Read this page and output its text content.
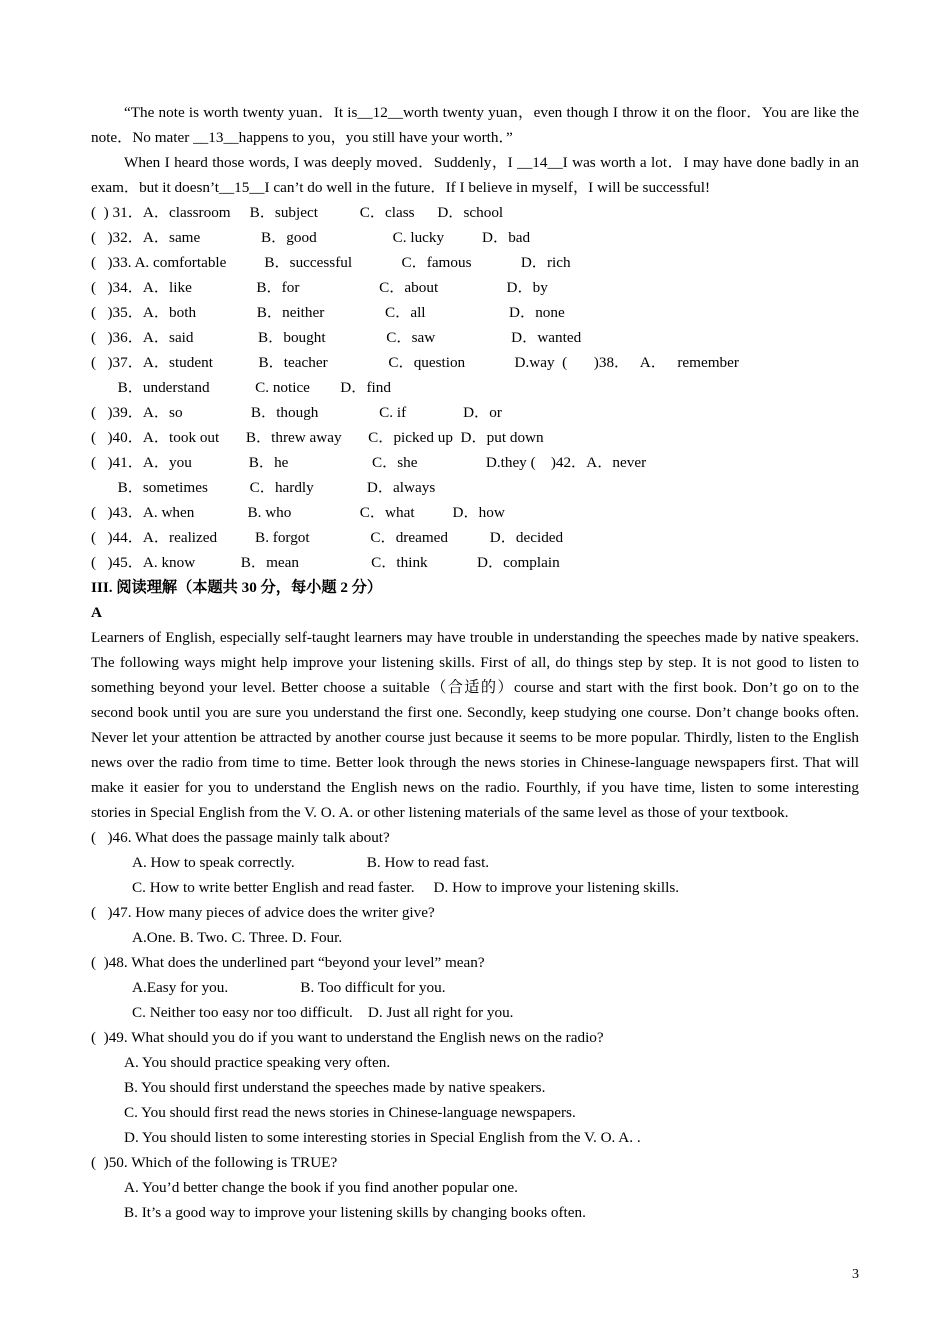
“The note is worth twenty yuan．It is__12__worth twenty yuan，even though I throw it on the floor．You are like the note．No mater __13__happens to you，you still have your worth．”
When I heard those words, I was deeply moved．Suddenly，I __14__I was worth a lot．I may have done badly in an exam．but it doesn’t__15__I can’t do well in the future．If I believe in myself，I will be successful!
(  ) 31．A．classroom     B．subject           C．class      D．school
(   )32．A．same                B．good                    C. lucky          D．bad
(   )33. A. comfortable          B．successful             C．famous             D．rich
(   )34．A．like                 B．for                     C．about                  D．by
(   )35．A．both                B．neither                C．all                      D．none
(   )36．A．said                 B．bought                C．saw                    D．wanted
(   )37．A．student            B．teacher                C．question             D.way  (       )38．   A．   remember
B．understand            C. notice        D．find
(   )39．A．so                  B．though                C. if               D．or
(   )40．A．took out       B．threw away       C．picked up  D．put down
(   )41．A．you               B．he                      C．she                  D.they (    )42．A．never
B．sometimes           C．hardly              D．always
(   )43．A. when              B. who                  C．what          D．how
(   )44．A．realized          B. forgot                C．dreamed           D．decided
(   )45．A. know            B．mean                   C．think             D．complain
III. 阅读理解（本题共 30 分，每小题 2 分）
A
Learners of English, especially self-taught learners may have trouble in understanding the speeches made by native speakers. The following ways might help improve your listening skills. First of all, do things step by step. It is not good to listen to something beyond your level. Better choose a suitable（合适的）course and start with the first book. Don’t go on to the second book until you are sure you understand the first one. Secondly, keep studying one course. Don’t change books often. Never let your attention be attracted by another course just because it seems to be more popular. Thirdly, listen to the English news over the radio from time to time. Better look through the news stories in Chinese-language newspapers first. That will make it easier for you to understand the English news on the radio. Fourthly, if you have time, listen to some interesting stories in Special English from the V. O. A. or other listening materials of the same level as those of your textbook.
(   )46. What does the passage mainly talk about?
A. How to speak correctly.                   B. How to read fast.
C. How to write better English and read faster.     D. How to improve your listening skills.
(   )47. How many pieces of advice does the writer give?
A.One. B. Two. C. Three. D. Four.
(  )48. What does the underlined part “beyond your level” mean?
A.Easy for you.                   B. Too difficult for you.
C. Neither too easy nor too difficult.    D. Just all right for you.
(  )49. What should you do if you want to understand the English news on the radio?
A. You should practice speaking very often.
B. You should first understand the speeches made by native speakers.
C. You should first read the news stories in Chinese-language newspapers.
D. You should listen to some interesting stories in Special English from the V. O. A. .
(  )50. Which of the following is TRUE?
A. You’d better change the book if you find another popular one.
B. It’s a good way to improve your listening skills by changing books often.
3
